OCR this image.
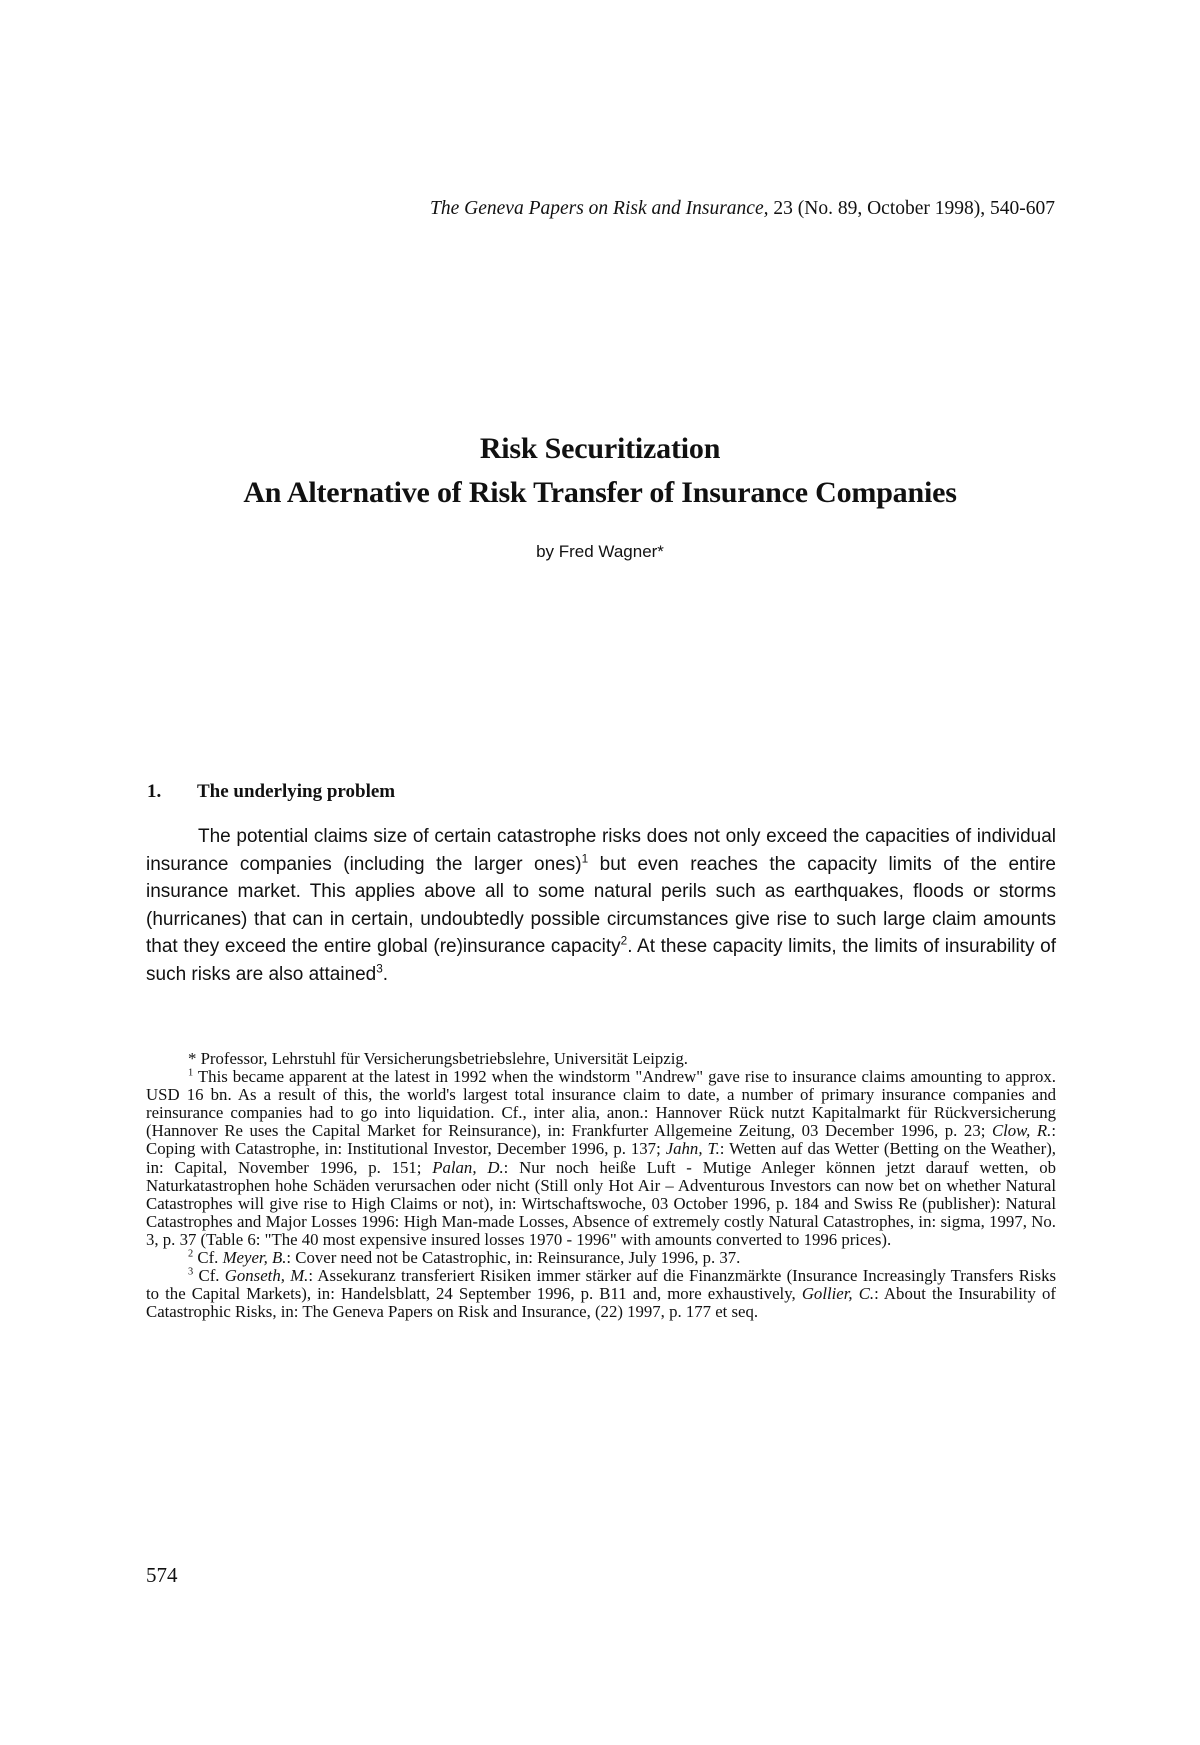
The Geneva Papers on Risk and Insurance, 23 (No. 89, October 1998), 540-607
Risk Securitization
An Alternative of Risk Transfer of Insurance Companies
by Fred Wagner*
1. The underlying problem

The potential claims size of certain catastrophe risks does not only exceed the capacities of individual insurance companies (including the larger ones)$^1$ but even reaches the capacity limits of the entire insurance market. This applies above all to some natural perils such as earthquakes, floods or storms (hurricanes) that can in certain, undoubtedly possible circumstances give rise to such large claim amounts that they exceed the entire global (re)insurance capacity$^2$. At these capacity limits, the limits of insurability of such risks are also attained$^3$.

* Professor, Lehrstuhl für Versicherungsbetriebslehre, Universität Leipzig.

$^1$ This became apparent at the latest in 1992 when the windstorm "Andrew" gave rise to insurance claims amounting to approx. USD 16 bn. As a result of this, the world's largest total insurance claim to date, a number of primary insurance companies and reinsurance companies had to go into liquidation. Cf., inter alia, anon.: Hannover Rück nutzt Kapitalmarkt für Rückversicherung (Hannover Re uses the Capital Market for Reinsurance), in: Frankfurter Allgemeine Zeitung, 03 December 1996, p. 23; Clow, R.: Coping with Catastrophe, in: Institutional Investor, December 1996, p. 137; Jahn, T.: Wetten auf das Wetter (Betting on the Weather), in: Capital, November 1996, p. 151; Palan, D.: Nur noch heiße Luft - Mutige Anleger können jetzt darauf wetten, ob Naturkatastrophen hohe Schäden verursachen oder nicht (Still only Hot Air – Adventurous Investors can now bet on whether Natural Catastrophes will give rise to High Claims or not), in: Wirtschaftswoche, 03 October 1996, p. 184 and Swiss Re (publisher): Natural Catastrophes and Major Losses 1996: High Man-made Losses, Absence of extremely costly Natural Catastrophes, in: sigma, 1997, No. 3, p. 37 (Table 6: "The 40 most expensive insured losses 1970 - 1996" with amounts converted to 1996 prices).

$^2$ Cf. Meyer, B.: Cover need not be Catastrophic, in: Reinsurance, July 1996, p. 37.

$^3$ Cf. Gonseth, M.: Assekuranz transferiert Risiken immer stärker auf die Finanzmärkte (Insurance Increasingly Transfers Risks to the Capital Markets), in: Handelsblatt, 24 September 1996, p. B11 and, more exhaustively, Gollier, C.: About the Insurability of Catastrophic Risks, in: The Geneva Papers on Risk and Insurance, (22) 1997, p. 177 et seq.

574
